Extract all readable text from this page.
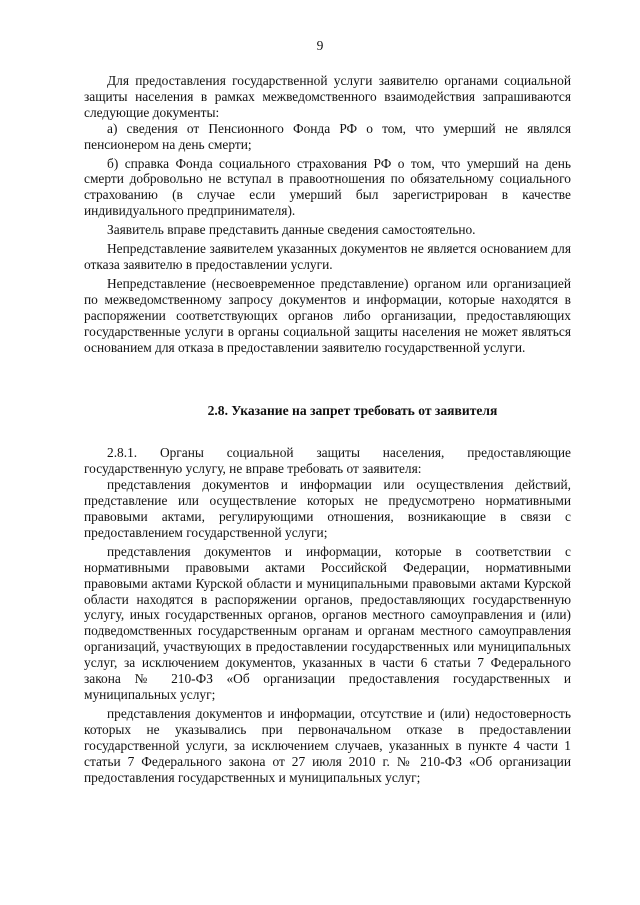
9

Для предоставления государственной услуги заявителю органами социальной защиты населения в рамках межведомственного взаимодействия запрашиваются следующие документы:

а) сведения от Пенсионного Фонда РФ о том, что умерший не являлся пенсионером на день смерти;

б) справка Фонда социального страхования РФ о том, что умерший на день смерти добровольно не вступал в правоотношения по обязательному социального страхованию (в случае если умерший был зарегистрирован в качестве индивидуального предпринимателя).

Заявитель вправе представить данные сведения самостоятельно.

Непредставление заявителем указанных документов не является основанием для отказа заявителю в предоставлении услуги.

Непредставление (несвоевременное представление) органом или организацией по межведомственному запросу документов и информации, которые находятся в распоряжении соответствующих органов либо организации, предоставляющих государственные услуги в органы социальной защиты населения не может являться основанием для отказа в предоставлении заявителю государственной услуги.

2.8. Указание на запрет требовать от заявителя

2.8.1. Органы социальной защиты населения, предоставляющие государственную услугу, не вправе требовать от заявителя:

представления документов и информации или осуществления действий, представление или осуществление которых не предусмотрено нормативными правовыми актами, регулирующими отношения, возникающие в связи с предоставлением государственной услуги;

представления документов и информации, которые в соответствии с нормативными правовыми актами Российской Федерации, нормативными правовыми актами Курской области и муниципальными правовыми актами Курской области находятся в распоряжении органов, предоставляющих государственную услугу, иных государственных органов, органов местного самоуправления и (или) подведомственных государственным органам и органам местного самоуправления организаций, участвующих в предоставлении государственных или муниципальных услуг, за исключением документов, указанных в части 6 статьи 7 Федерального закона № 210-ФЗ «Об организации предоставления государственных и муниципальных услуг;

представления документов и информации, отсутствие и (или) недостоверность которых не указывались при первоначальном отказе в предоставлении государственной услуги, за исключением случаев, указанных в пункте 4 части 1 статьи 7 Федерального закона от 27 июля 2010 г. № 210-ФЗ «Об организации предоставления государственных и муниципальных услуг;
